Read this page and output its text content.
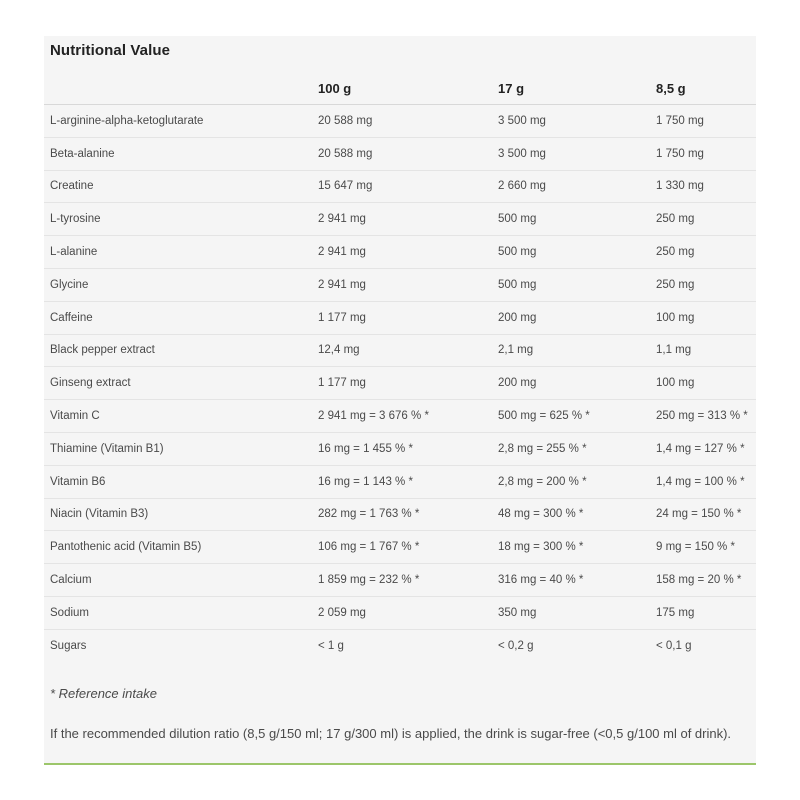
Nutritional Value
	100 g	17 g	8,5 g
L-arginine-alpha-ketoglutarate	20 588 mg	3 500 mg	1 750 mg
Beta-alanine	20 588 mg	3 500 mg	1 750 mg
Creatine	15 647 mg	2 660 mg	1 330 mg
L-tyrosine	2 941 mg	500 mg	250 mg
L-alanine	2 941 mg	500 mg	250 mg
Glycine	2 941 mg	500 mg	250 mg
Caffeine	1 177 mg	200 mg	100 mg
Black pepper extract	12,4 mg	2,1 mg	1,1 mg
Ginseng extract	1 177 mg	200 mg	100 mg
Vitamin C	2 941 mg = 3 676 % *	500 mg = 625 % *	250 mg = 313 % *
Thiamine (Vitamin B1)	16 mg = 1 455 % *	2,8 mg = 255 % *	1,4 mg = 127 % *
Vitamin B6	16 mg = 1 143 % *	2,8 mg = 200 % *	1,4 mg = 100 % *
Niacin (Vitamin B3)	282 mg = 1 763 % *	48 mg = 300 % *	24 mg = 150 % *
Pantothenic acid (Vitamin B5)	106 mg = 1 767 % *	18 mg = 300 % *	9 mg = 150 % *
Calcium	1 859 mg = 232 % *	316 mg = 40 % *	158 mg = 20 % *
Sodium	2 059 mg	350 mg	175 mg
Sugars	< 1 g	< 0,2 g	< 0,1 g
* Reference intake
If the recommended dilution ratio (8,5 g/150 ml; 17 g/300 ml) is applied, the drink is sugar-free (<0,5 g/100 ml of drink).
